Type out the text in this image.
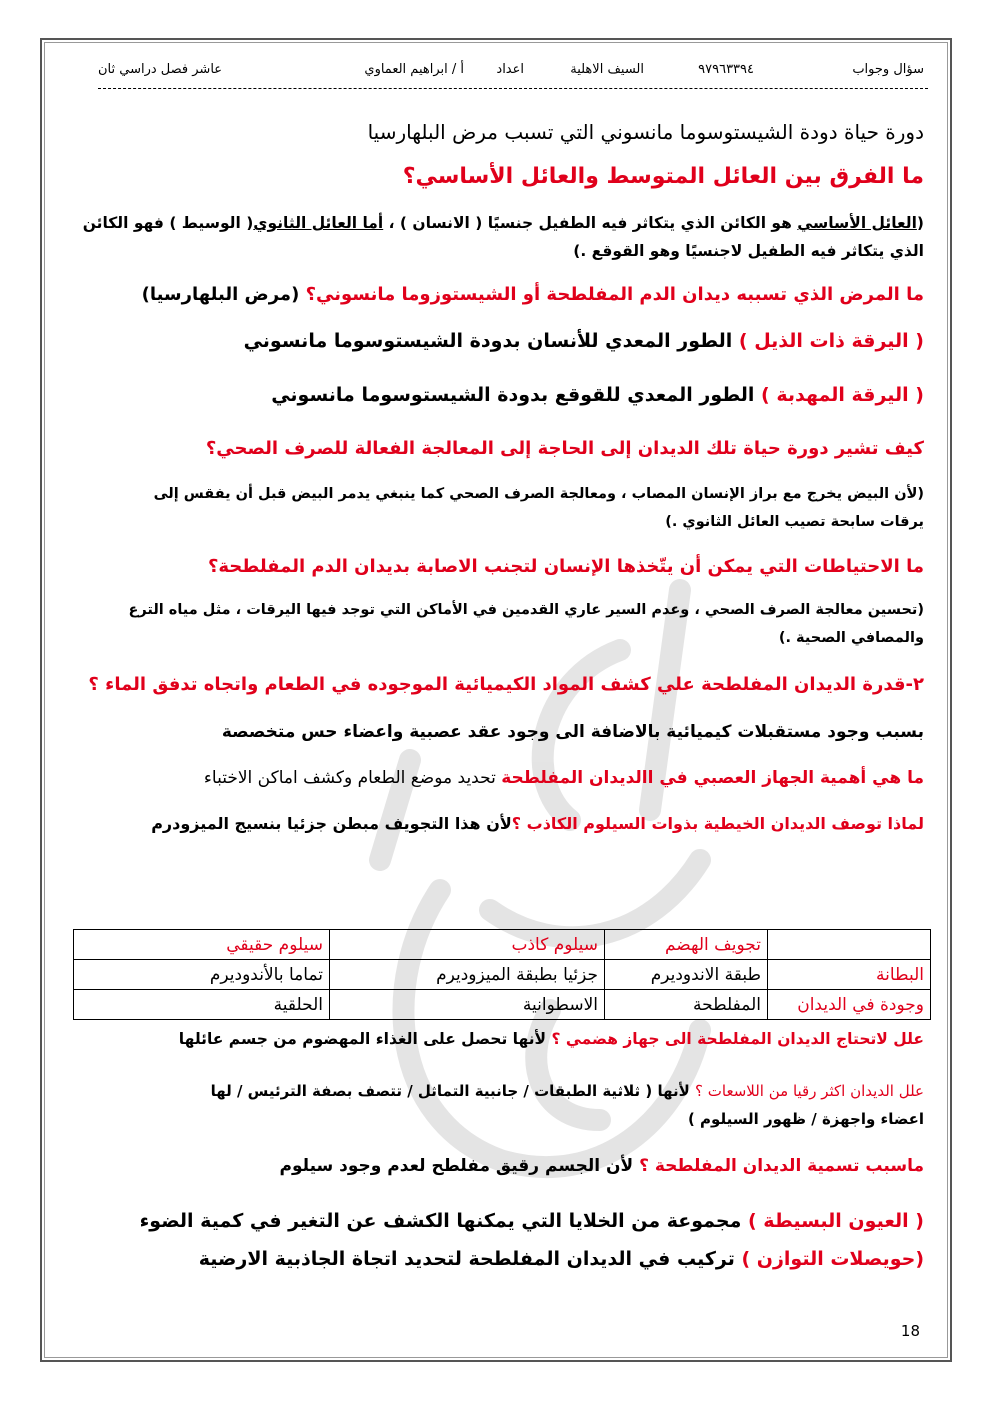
أ / ابراهيم العماوي
سؤال وجواب
٩٧٩٦٣٣٩٤
السيف الاهلية
اعداد
أ / ابراهيم العماوي
عاشر فصل دراسي ثان

دورة حياة دودة الشيستوسوما مانسوني التي تسبب مرض البلهارسيا

ما الفرق بين العائل المتوسط والعائل الأساسي؟

(العائل الأساسي هو الكائن الذي يتكاثر فيه الطفيل جنسيًا ( الانسان ) ، أما العائل الثانوي( الوسيط ) فهو الكائن

الذي يتكاثر فيه الطفيل لاجنسيًا وهو القوقع .)

ما المرض الذي تسببه ديدان الدم المفلطحة أو الشيستوزوما مانسوني؟ (مرض البلهارسيا)

( اليرقة ذات الذيل ) الطور المعدي للأنسان بدودة الشيستوسوما مانسوني

( اليرقة المهدبة ) الطور المعدي للقوقع بدودة الشيستوسوما مانسوني

كيف تشير دورة حياة تلك الديدان إلى الحاجة إلى المعالجة الفعالة للصرف الصحي؟

(لأن البيض يخرج مع براز الإنسان المصاب ، ومعالجة الصرف الصحي كما ينبغي يدمر البيض قبل أن يفقس إلى

يرقات سابحة تصيب العائل الثانوي .)

ما الاحتياطات التي يمكن أن يتّخذها الإنسان لتجنب الاصابة بديدان الدم المفلطحة؟

(تحسين معالجة الصرف الصحي ، وعدم السير عاري القدمين في الأماكن التي توجد فيها اليرقات ، مثل مياه الترع

والمصافي الصحية .)

٢-قدرة الديدان المفلطحة علي كشف المواد الكيميائية الموجوده في الطعام واتجاه تدفق الماء ؟

بسبب وجود مستقبلات كيميائية بالاضافة الى وجود عقد عصبية واعضاء حس متخصصة

ما هي أهمية الجهاز العصبي في االديدان المفلطحة تحديد موضع الطعام وكشف اماكن الاختباء

لماذا توصف الديدان الخيطية بذوات السيلوم الكاذب ؟لأن هذا التجويف مبطن جزئيا بنسيج الميزودرم

	تجويف الهضم	سيلوم كاذب	سيلوم حقيقي
البطانة	طبقة الاندوديرم	جزئيا بطبقة الميزوديرم	تماما بالأندوديرم
وجودة في الديدان	المفلطحة	الاسطوانية	الحلقية

علل لاتحتاج الديدان المفلطحة الى جهاز هضمي ؟ لأنها تحصل على الغذاء المهضوم من جسم عائلها

علل الديدان اكثر رقيا من اللاسعات ؟ لأنها ( ثلاثية الطبقات / جانبية التماثل / تتصف بصفة الترئيس / لها

اعضاء واجهزة / ظهور السيلوم )

ماسبب تسمية الديدان المفلطحة ؟ لأن الجسم رقيق مفلطح لعدم وجود سيلوم

( العيون البسيطة ) مجموعة من الخلايا التي يمكنها الكشف عن التغير في كمية الضوء

(حويصلات التوازن ) تركيب في الديدان المفلطحة لتحديد اتجاة الجاذبية الارضية

18
